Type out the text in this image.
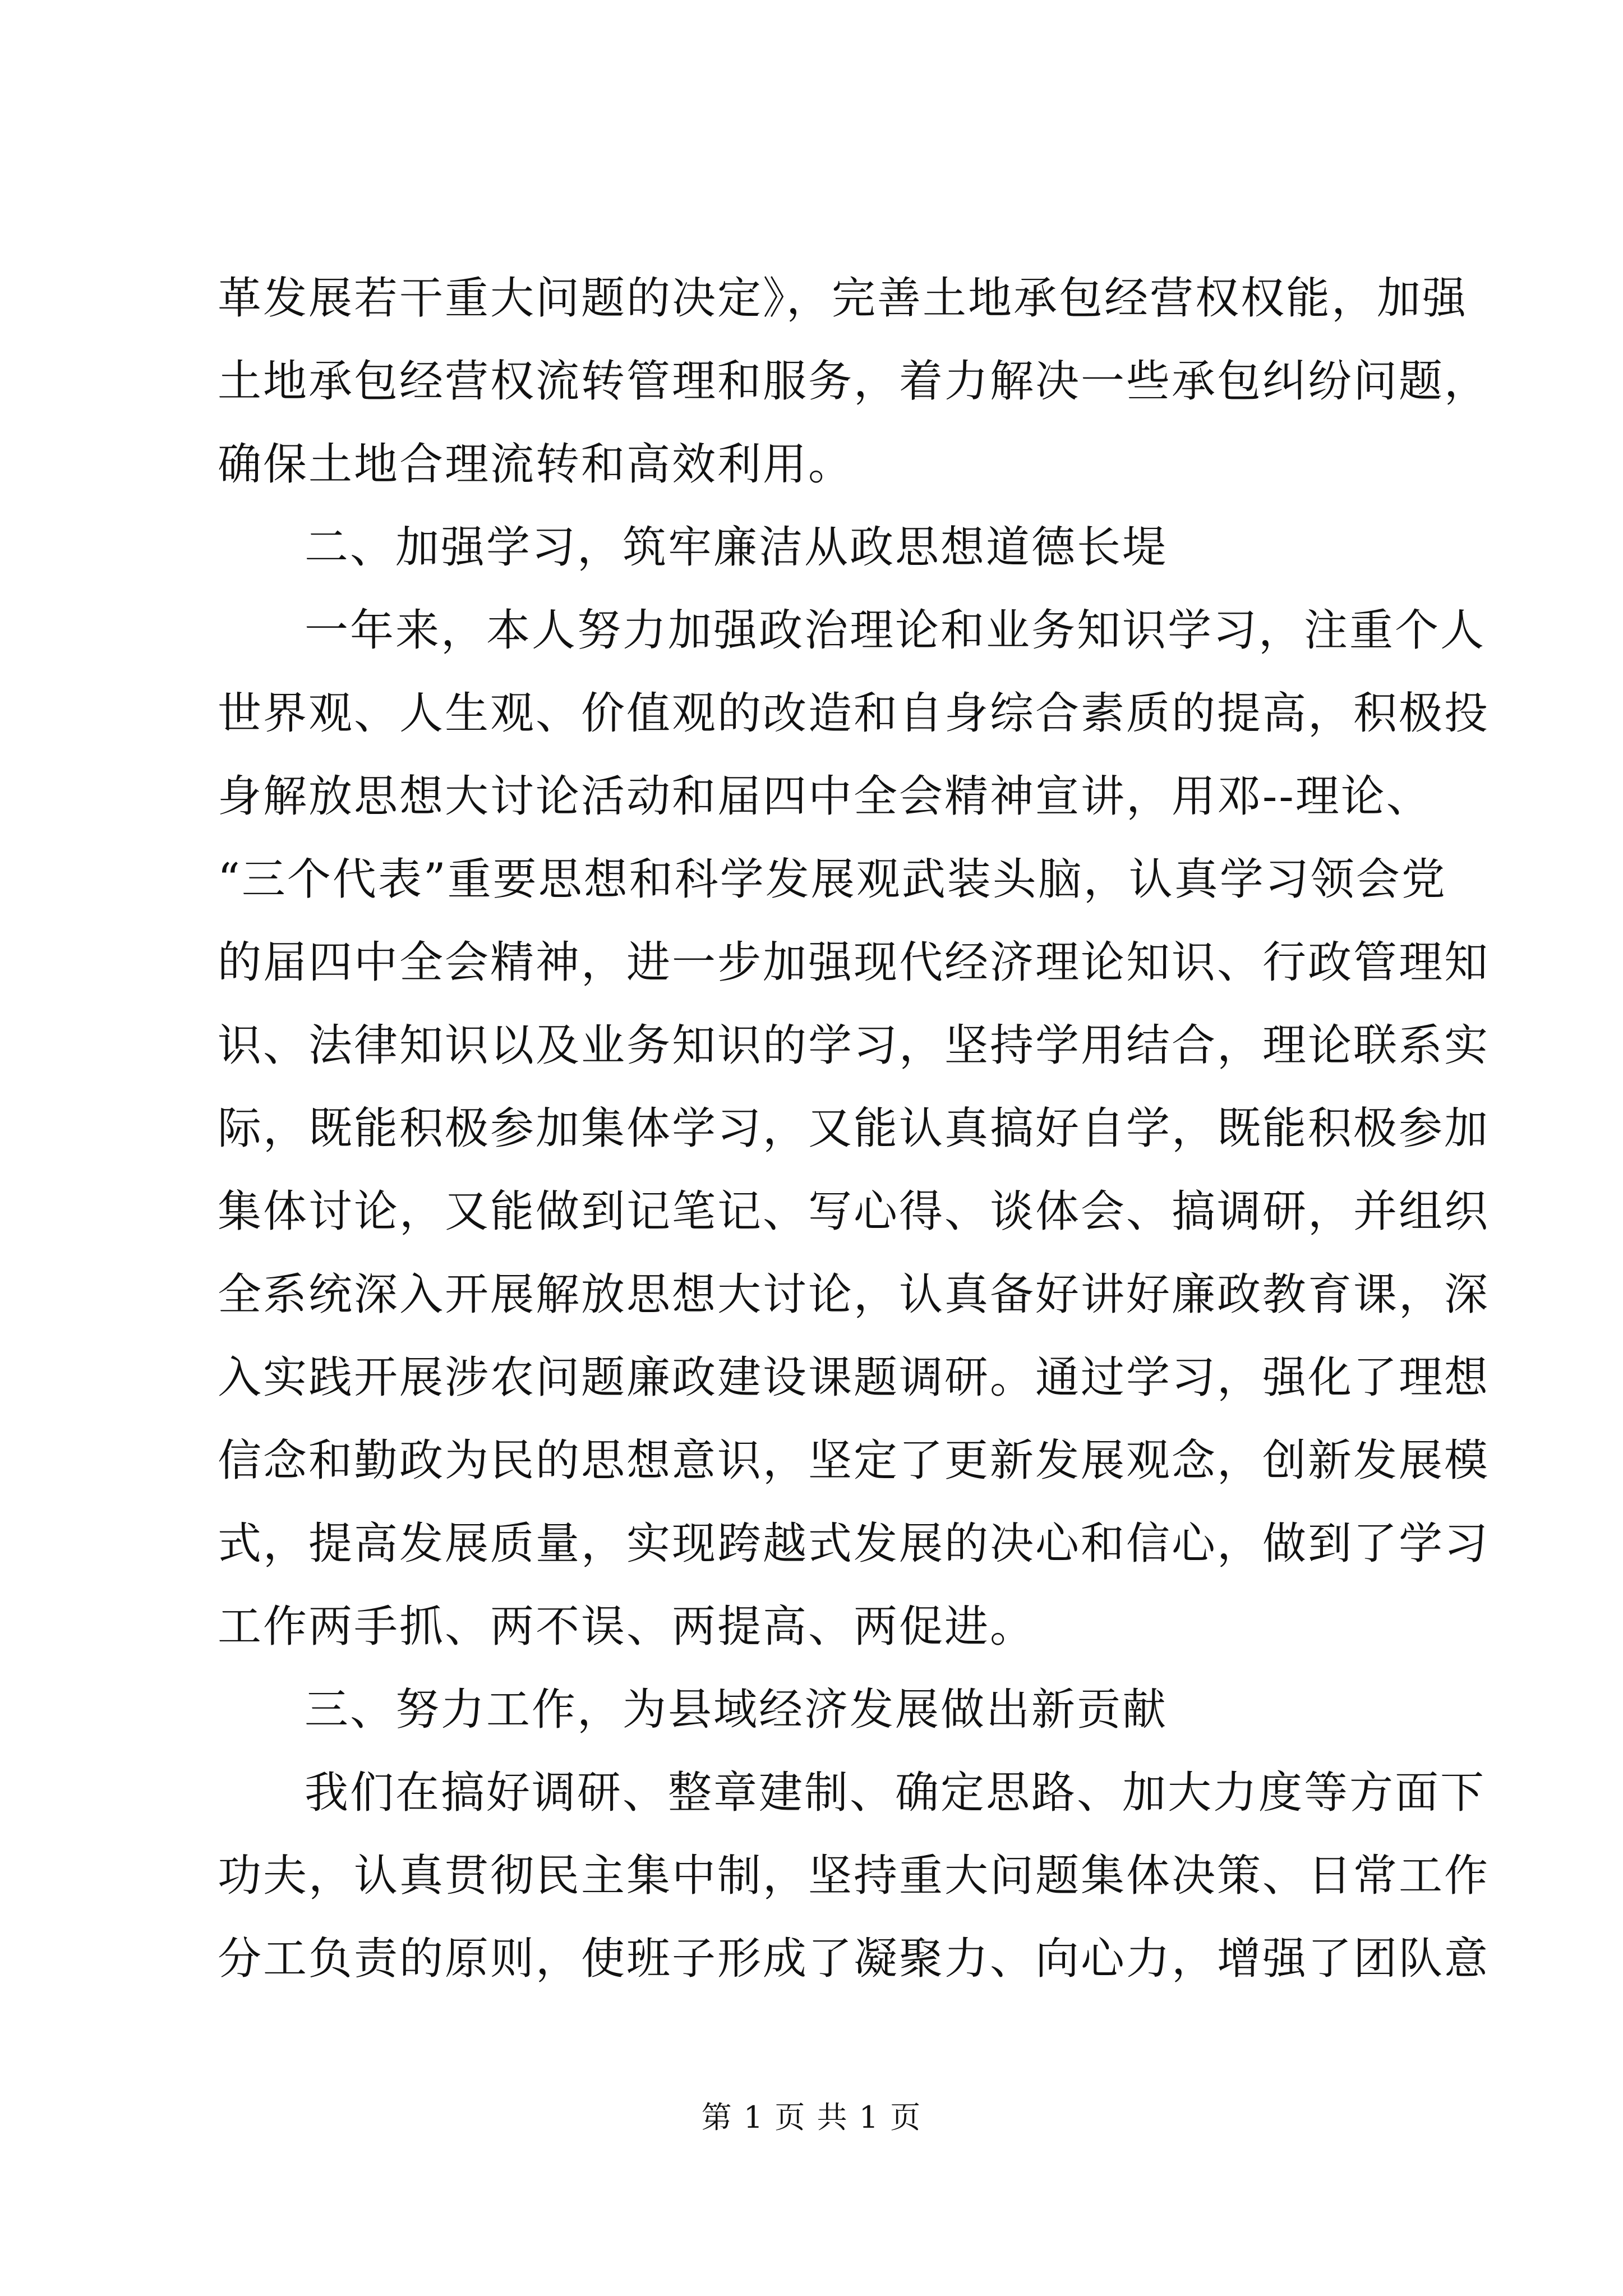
革发展若干重大问题的决定》，完善土地承包经营权权能，加强
土地承包经营权流转管理和服务，着力解决一些承包纠纷问题，
确保土地合理流转和高效利用。
二、加强学习，筑牢廉洁从政思想道德长堤
一年来，本人努力加强政治理论和业务知识学习，注重个人
世界观、人生观、价值观的改造和自身综合素质的提高，积极投
身解放思想大讨论活动和届四中全会精神宣讲，用邓--理论、
“三个代表”重要思想和科学发展观武装头脑，认真学习领会党
的届四中全会精神，进一步加强现代经济理论知识、行政管理知
识、法律知识以及业务知识的学习，坚持学用结合，理论联系实
际，既能积极参加集体学习，又能认真搞好自学，既能积极参加
集体讨论，又能做到记笔记、写心得、谈体会、搞调研，并组织
全系统深入开展解放思想大讨论，认真备好讲好廉政教育课，深
入实践开展涉农问题廉政建设课题调研。通过学习，强化了理想
信念和勤政为民的思想意识，坚定了更新发展观念，创新发展模
式，提高发展质量，实现跨越式发展的决心和信心，做到了学习
工作两手抓、两不误、两提高、两促进。
三、努力工作，为县域经济发展做出新贡献
我们在搞好调研、整章建制、确定思路、加大力度等方面下
功夫，认真贯彻民主集中制，坚持重大问题集体决策、日常工作
分工负责的原则，使班子形成了凝聚力、向心力，增强了团队意
第 1 页 共 1 页
